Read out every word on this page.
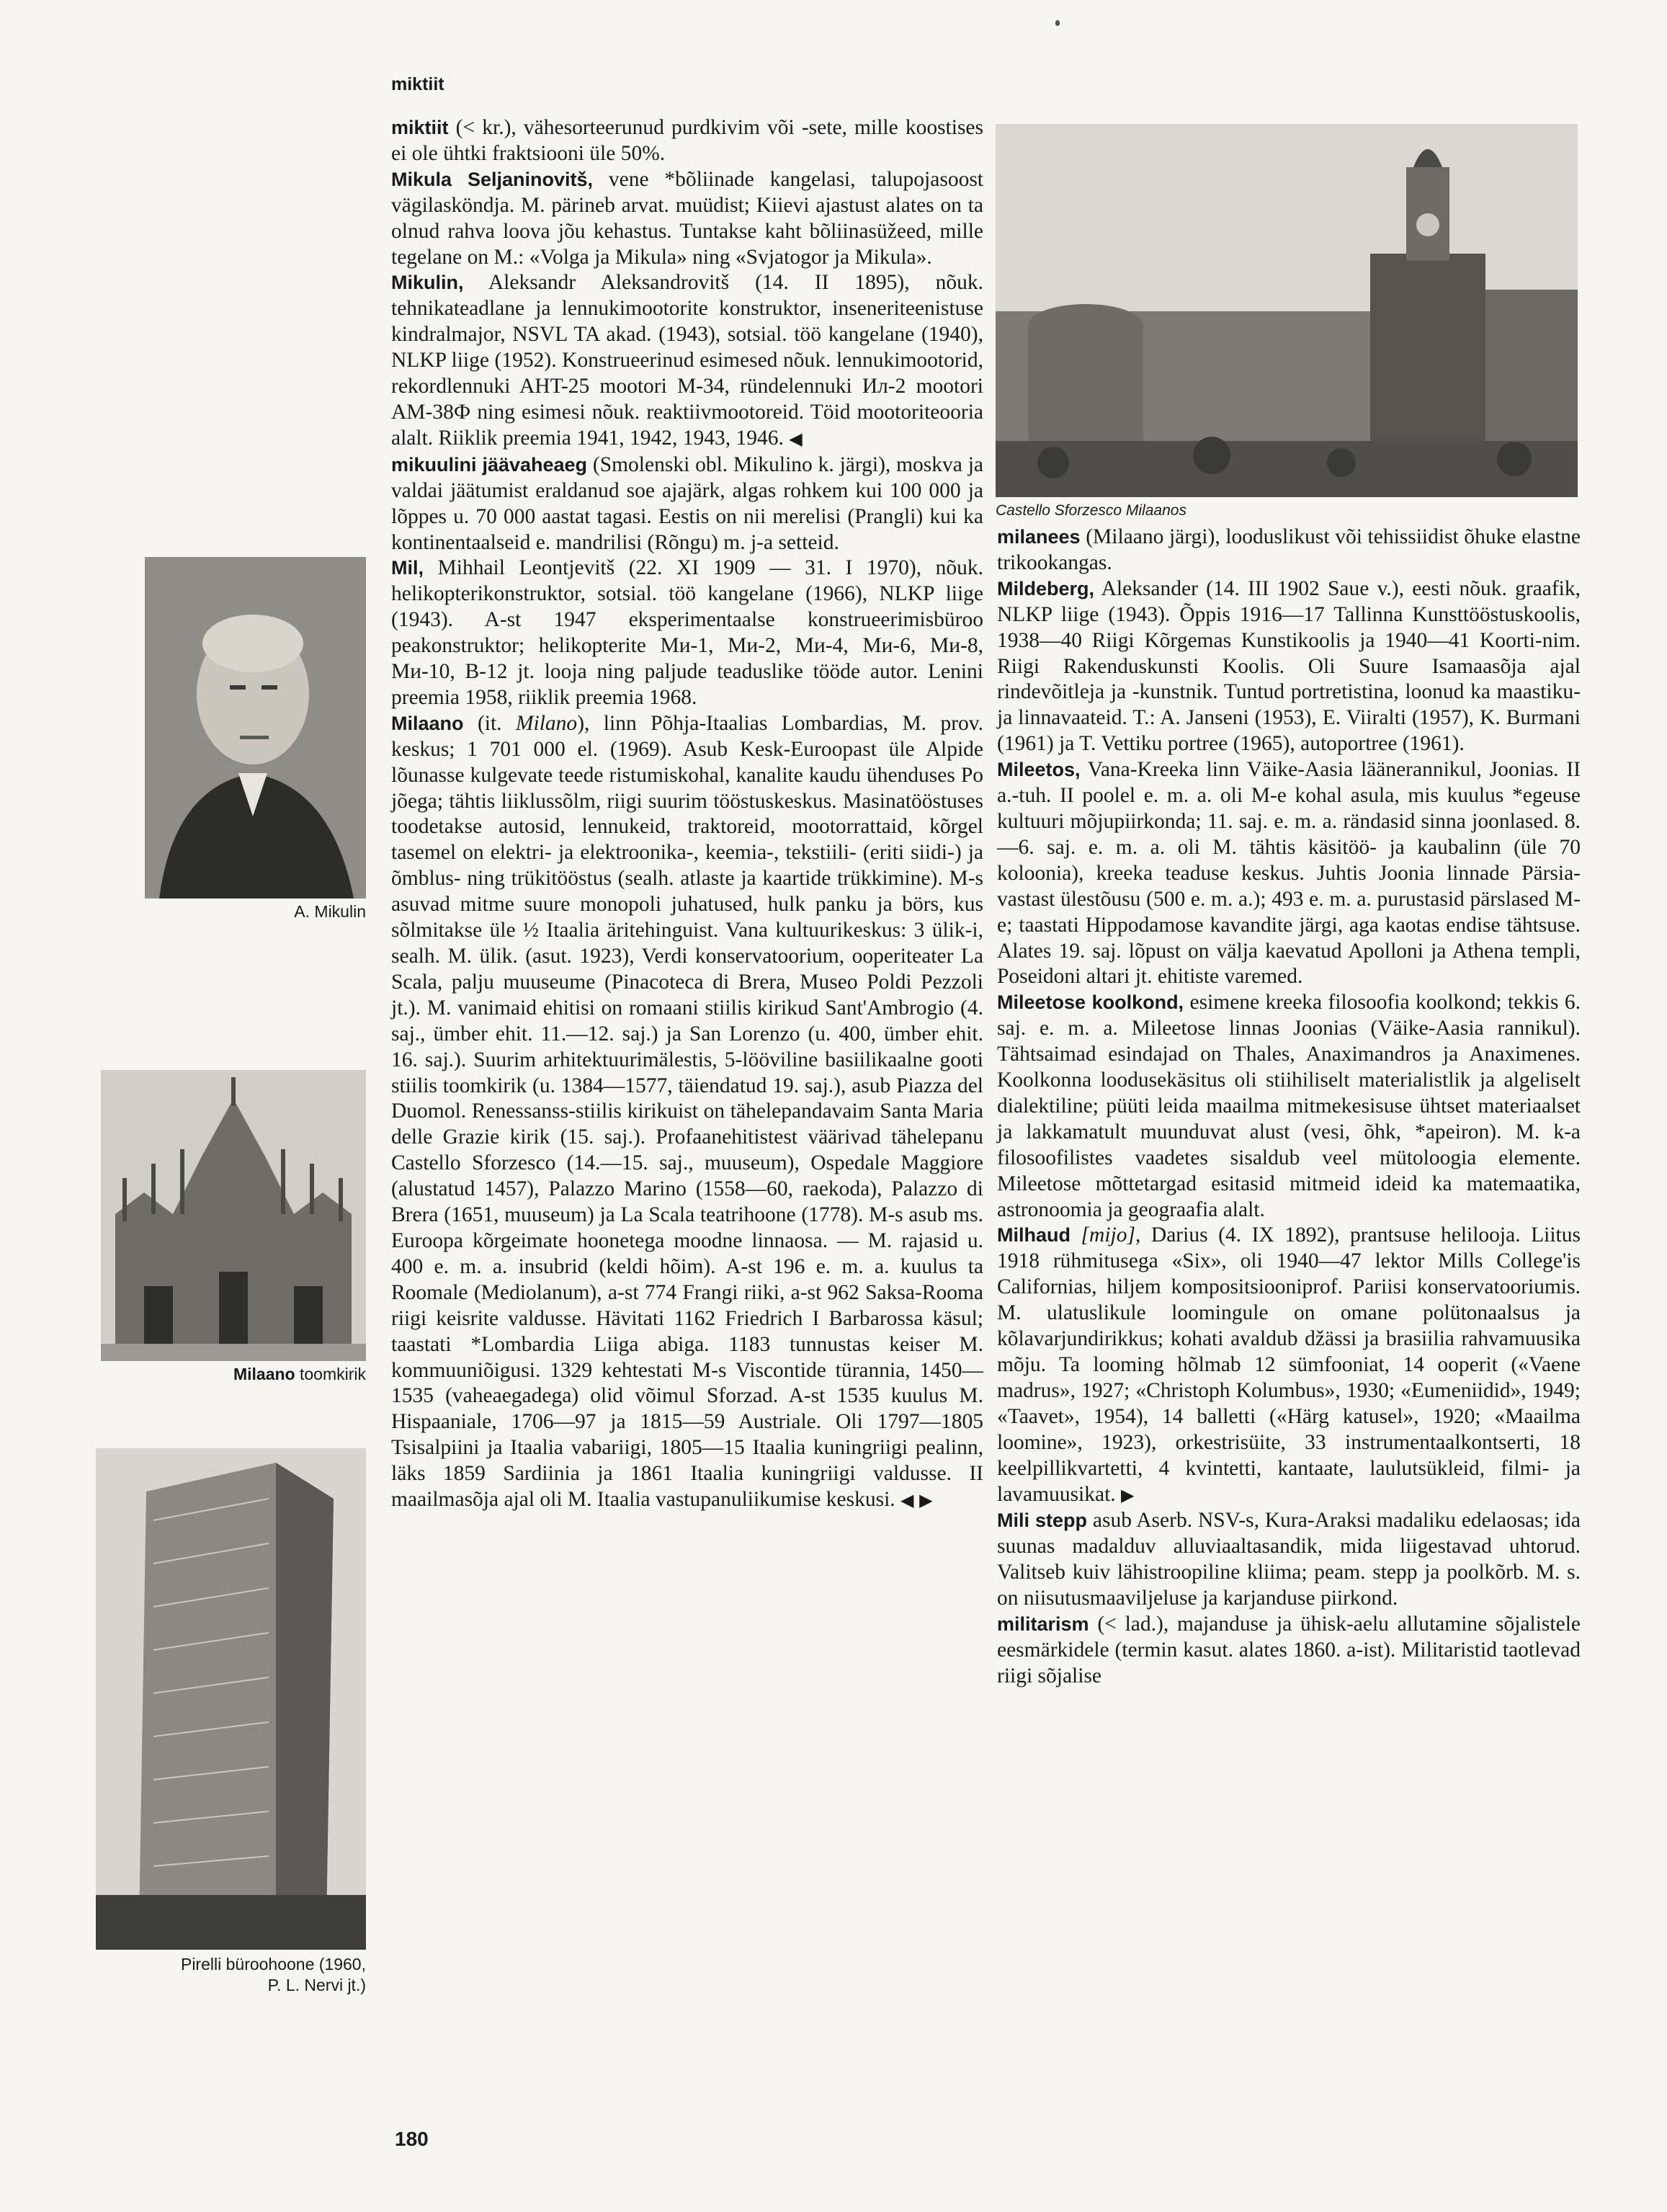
miktiit

miktiit (< kr.), vähesorteerunud purdkivim või -sete, mille koostises ei ole ühtki fraktsiooni üle 50%.

Mikula Seljaninovitš, vene *bõliinade kangelasi, talupojasoost vägilasköndja. M. pärineb arvat. muüdist; Kiievi ajastust alates on ta olnud rahva loova jõu kehastus. Tuntakse kaht bõliinasüžeed, mille tegelane on M.: «Volga ja Mikula» ning «Svjatogor ja Mikula».

Mikulin, Aleksandr Aleksandrovitš (14. II 1895), nõuk. tehnikateadlane ja lennukimootorite konstruktor, inseneriteenistuse kindralmajor, NSVL TA akad. (1943), sotsial. töö kangelane (1940), NLKP liige (1952). Konstrueerinud esimesed nõuk. lennukimootorid, rekordlennuki AHT-25 mootori M-34, ründelennuki Ил-2 mootori AM-38Ф ning esimesi nõuk. reaktiivmootoreid. Töid mootoriteooria alalt. Riiklik preemia 1941, 1942, 1943, 1946. ◀

mikuulini jäävaheaeg (Smolenski obl. Mikulino k. järgi), moskva ja valdai jäätumist eraldanud soe ajajärk, algas rohkem kui 100 000 ja lõppes u. 70 000 aastat tagasi. Eestis on nii merelisi (Prangli) kui ka kontinentaalseid e. mandrilisi (Rõngu) m. j-a setteid.

Mil, Mihhail Leontjevitš (22. XI 1909 — 31. I 1970), nõuk. helikopterikonstruktor, sotsial. töö kangelane (1966), NLKP liige (1943). A-st 1947 eksperimentaalse konstrueerimisbüroo peakonstruktor; helikopterite Ми-1, Ми-2, Ми-4, Ми-6, Ми-8, Ми-10, B-12 jt. looja ning paljude teaduslike tööde autor. Lenini preemia 1958, riiklik preemia 1968.

Milaano (it. Milano), linn Põhja-Itaalias Lombardias, M. prov. keskus; 1 701 000 el. (1969). Asub Kesk-Euroopast üle Alpide lõunasse kulgevate teede ristumiskohal, kanalite kaudu ühenduses Po jõega; tähtis liiklussõlm, riigi suurim tööstuskeskus. Masinatööstuses toodetakse autosid, lennukeid, traktoreid, mootorrattaid, kõrgel tasemel on elektri- ja elektroonika-, keemia-, tekstiili- (eriti siidi-) ja õmblus- ning trükitööstus (sealh. atlaste ja kaartide trükkimine). M-s asuvad mitme suure monopoli juhatused, hulk panku ja börs, kus sõlmitakse üle ½ Itaalia äritehinguist. Vana kultuurikeskus: 3 ülik-i, sealh. M. ülik. (asut. 1923), Verdi konservatoorium, ooperiteater La Scala, palju muuseume (Pinacoteca di Brera, Museo Poldi Pezzoli jt.). M. vanimaid ehitisi on romaani stiilis kirikud Sant'Ambrogio (4. saj., ümber ehit. 11.—12. saj.) ja San Lorenzo (u. 400, ümber ehit. 16. saj.). Suurim arhitektuurimälestis, 5-lööviline basiilikaalne gooti stiilis toomkirik (u. 1384—1577, täiendatud 19. saj.), asub Piazza del Duomol. Renessanss-stiilis kirikuist on tähelepandavaim Santa Maria delle Grazie kirik (15. saj.). Profaanehitistest väärivad tähelepanu Castello Sforzesco (14.—15. saj., muuseum), Ospedale Maggiore (alustatud 1457), Palazzo Marino (1558—60, raekoda), Palazzo di Brera (1651, muuseum) ja La Scala teatrihoone (1778). M-s asub ms. Euroopa kõrgeimate hoonetega moodne linnaosa. — M. rajasid u. 400 e. m. a. insubrid (keldi hõim). A-st 196 e. m. a. kuulus ta Roomale (Mediolanum), a-st 774 Frangi riiki, a-st 962 Saksa-Rooma riigi keisrite valdusse. Hävitati 1162 Friedrich I Barbarossa käsul; taastati *Lombardia Liiga abiga. 1183 tunnustas keiser M. kommuuniõigusi. 1329 kehtestati M-s Viscontide türannia, 1450—1535 (vaheaegadega) olid võimul Sforzad. A-st 1535 kuulus M. Hispaaniale, 1706—97 ja 1815—59 Austriale. Oli 1797—1805 Tsisalpiini ja Itaalia vabariigi, 1805—15 Itaalia kuningriigi pealinn, läks 1859 Sardiinia ja 1861 Itaalia kuningriigi valdusse. II maailmasõja ajal oli M. Itaalia vastupanuliikumise keskusi. ◀ ▶

180

milanees (Milaano järgi), looduslikust või tehissiidist õhuke elastne trikookangas.

Mildeberg, Aleksander (14. III 1902 Saue v.), eesti nõuk. graafik, NLKP liige (1943). Õppis 1916—17 Tallinna Kunsttööstuskoolis, 1938—40 Riigi Kõrgemas Kunstikoolis ja 1940—41 Koorti-nim. Riigi Rakenduskunsti Koolis. Oli Suure Isamaasõja ajal rindevõitleja ja -kunstnik. Tuntud portretistina, loonud ka maastiku- ja linnavaateid. T.: A. Janseni (1953), E. Viiralti (1957), K. Burmani (1961) ja T. Vettiku portree (1965), autoportree (1961).

Mileetos, Vana-Kreeka linn Väike-Aasia läänerannikul, Joonias. II a.-tuh. II poolel e. m. a. oli M-e kohal asula, mis kuulus *egeuse kultuuri mõjupiirkonda; 11. saj. e. m. a. rändasid sinna joonlased. 8.—6. saj. e. m. a. oli M. tähtis käsitöö- ja kaubalinn (üle 70 kolooniа), kreeka teaduse keskus. Juhtis Joonia linnade Pärsia-vastast ülestõusu (500 e. m. a.); 493 e. m. a. purustasid pärslased M-e; taastati Hippodamose kavandite järgi, aga kaotas endise tähtsuse. Alates 19. saj. lõpust on välja kaevatud Apolloni ja Athena templi, Poseidoni altari jt. ehitiste varemed.

Mileetose koolkond, esimene kreeka filosoofia koolkond; tekkis 6. saj. e. m. a. Mileetose linnas Joonias (Väike-Aasia rannikul). Tähtsaimad esindajad on Thales, Anaximandros ja Anaximenes. Koolkonna loodusekäsitus oli stiihiliselt materialistlik ja algeliselt dialektiline; püüti leida maailma mitmekesisuse ühtset materiaalset ja lakkamatult muunduvat alust (vesi, õhk, *apeiron). M. k-a filosoofilistes vaadetes sisaldub veel mütoloogia elemente. Mileetose mõttetargad esitasid mitmeid ideid ka matemaatika, astronoomia ja geograafia alalt.

Milhaud [mijo], Darius (4. IX 1892), prantsuse helilooja. Liitus 1918 rühmitusega «Six», oli 1940—47 lektor Mills College'is Californias, hiljem kompositsiooniprof. Pariisi konservatooriumis. M. ulatuslikule loomingule on omane polütonaalsus ja kõlavarjundirikkus; kohati avaldub džässi ja brasiilia rahvamuusika mõju. Ta looming hõlmab 12 sümfooniat, 14 ooperit («Vaene madrus», 1927; «Christoph Kolumbus», 1930; «Eumeniidid», 1949; «Taavet», 1954), 14 balletti («Härg katusel», 1920; «Maailma loomine», 1923), orkestrisüite, 33 instrumentaalkontserti, 18 keelpillikvartetti, 4 kvintetti, kantaate, laulutsükleid, filmi- ja lavamuusikat. ▶

Mili stepp asub Aserb. NSV-s, Kura-Araksi madaliku edelaosas; ida suunas madalduv alluviaaltasandik, mida liigestavad uhtorud. Valitseb kuiv lähistroopiline kliima; peam. stepp ja poolkõrb. M. s. on niisutusmaaviljeluse ja karjanduse piirkond.

militarism (< lad.), majanduse ja ühisk-aelu allutamine sõjalistele eesmärkidele (termin kasut. alates 1860. a-ist). Militaristid taotlevad riigi sõjalise

A. Mikulin
Milaano toomkirik
Pirelli büroohoone (1960,
P. L. Nervi jt.)
Castello Sforzesco Milaanos
